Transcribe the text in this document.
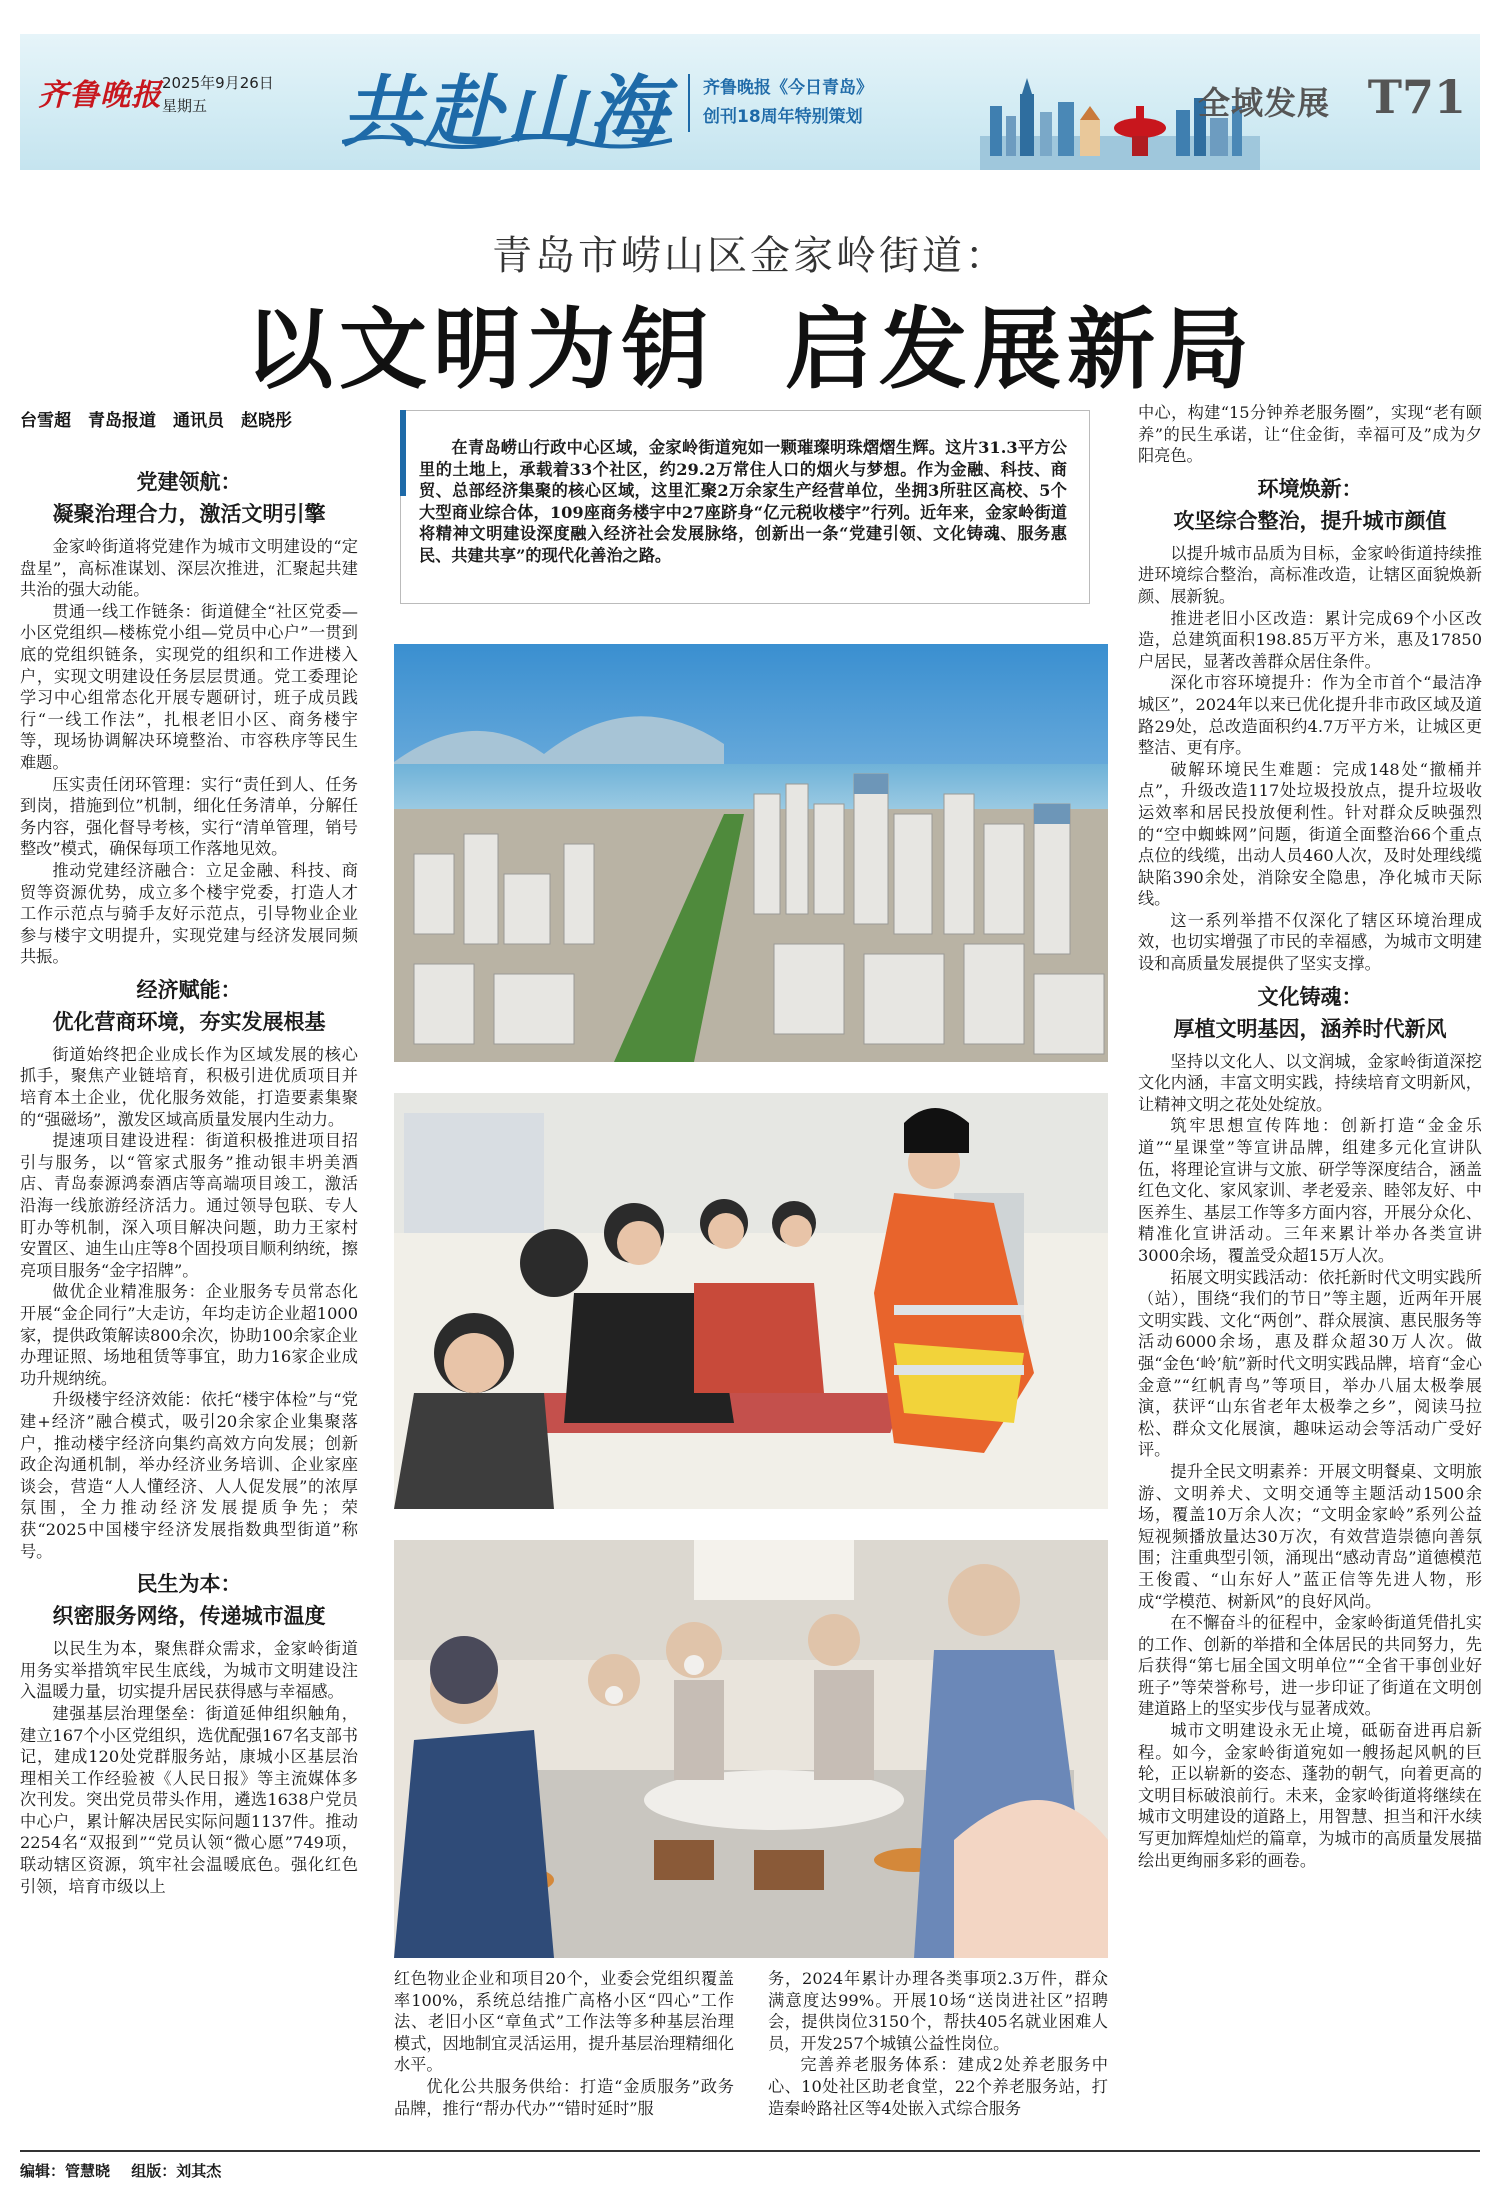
齐鲁晚报 2025年9月26日
星期五	共赴山海 齐鲁晚报《今日青岛》
创刊18周年特别策划	全域发展 T71
青岛市崂山区金家岭街道：
以文明为钥 启发展新局
台雪超　青岛报道　通讯员　赵晓彤
党建领航：
凝聚治理合力，激活文明引擎

金家岭街道将党建作为城市文明建设的“定盘星”，高标准谋划、深层次推进，汇聚起共建共治的强大动能。

贯通一线工作链条：街道健全“社区党委—小区党组织—楼栋党小组—党员中心户”一贯到底的党组织链条，实现党的组织和工作进楼入户，实现文明建设任务层层贯通。党工委理论学习中心组常态化开展专题研讨，班子成员践行“一线工作法”，扎根老旧小区、商务楼宇等，现场协调解决环境整治、市容秩序等民生难题。

压实责任闭环管理：实行“责任到人、任务到岗，措施到位”机制，细化任务清单，分解任务内容，强化督导考核，实行“清单管理，销号整改”模式，确保每项工作落地见效。

推动党建经济融合：立足金融、科技、商贸等资源优势，成立多个楼宇党委，打造人才工作示范点与骑手友好示范点，引导物业企业参与楼宇文明提升，实现党建与经济发展同频共振。

经济赋能：
优化营商环境，夯实发展根基

街道始终把企业成长作为区域发展的核心抓手，聚焦产业链培育，积极引进优质项目并培育本土企业，优化服务效能，打造要素集聚的“强磁场”，激发区域高质量发展内生动力。

提速项目建设进程：街道积极推进项目招引与服务，以“管家式服务”推动银丰坍美酒店、青岛泰源鸿泰酒店等高端项目竣工，激活沿海一线旅游经济活力。通过领导包联、专人盯办等机制，深入项目解决问题，助力王家村安置区、迪生山庄等8个固投项目顺利纳统，擦亮项目服务“金字招牌”。

做优企业精准服务：企业服务专员常态化开展“金企同行”大走访，年均走访企业超1000家，提供政策解读800余次，协助100余家企业办理证照、场地租赁等事宜，助力16家企业成功升规纳统。

升级楼宇经济效能：依托“楼宇体检”与“党建+经济”融合模式，吸引20余家企业集聚落户，推动楼宇经济向集约高效方向发展；创新政企沟通机制，举办经济业务培训、企业家座谈会，营造“人人懂经济、人人促发展”的浓厚氛围，全力推动经济发展提质争先；荣获“2025中国楼宇经济发展指数典型街道”称号。

民生为本：
织密服务网络，传递城市温度

以民生为本，聚焦群众需求，金家岭街道用务实举措筑牢民生底线，为城市文明建设注入温暖力量，切实提升居民获得感与幸福感。

建强基层治理堡垒：街道延伸组织触角，建立167个小区党组织，选优配强167名支部书记，建成120处党群服务站，康城小区基层治理相关工作经验被《人民日报》等主流媒体多次刊发。突出党员带头作用，遴选1638户党员中心户，累计解决居民实际问题1137件。推动2254名“双报到”“党员认领“微心愿”749项，联动辖区资源，筑牢社会温暖底色。强化红色引领，培育市级以上

在青岛崂山行政中心区域，金家岭街道宛如一颗璀璨明珠熠熠生辉。这片31.3平方公里的土地上，承载着33个社区，约29.2万常住人口的烟火与梦想。作为金融、科技、商贸、总部经济集聚的核心区域，这里汇聚2万余家生产经营单位，坐拥3所驻区高校、5个大型商业综合体，109座商务楼宇中27座跻身“亿元税收楼宇”行列。近年来，金家岭街道将精神文明建设深度融入经济社会发展脉络，创新出一条“党建引领、文化铸魂、服务惠民、共建共享”的现代化善治之路。

红色物业企业和项目20个，业委会党组织覆盖率100%，系统总结推广高格小区“四心”工作法、老旧小区“章鱼式”工作法等多种基层治理模式，因地制宜灵活运用，提升基层治理精细化水平。

优化公共服务供给：打造“金质服务”政务品牌，推行“帮办代办”“错时延时”服

务，2024年累计办理各类事项2.3万件，群众满意度达99%。开展10场“送岗进社区”招聘会，提供岗位3150个，帮扶405名就业困难人员，开发257个城镇公益性岗位。

完善养老服务体系：建成2处养老服务中心、10处社区助老食堂，22个养老服务站，打造秦岭路社区等4处嵌入式综合服务

中心，构建“15分钟养老服务圈”，实现“老有颐养”的民生承诺，让“住金街，幸福可及”成为夕阳亮色。

环境焕新：
攻坚综合整治，提升城市颜值

以提升城市品质为目标，金家岭街道持续推进环境综合整治，高标准改造，让辖区面貌焕新颜、展新貌。

推进老旧小区改造：累计完成69个小区改造，总建筑面积198.85万平方米，惠及17850户居民，显著改善群众居住条件。

深化市容环境提升：作为全市首个“最洁净城区”，2024年以来已优化提升非市政区域及道路29处，总改造面积约4.7万平方米，让城区更整洁、更有序。

破解环境民生难题：完成148处“撤桶并点”，升级改造117处垃圾投放点，提升垃圾收运效率和居民投放便利性。针对群众反映强烈的“空中蜘蛛网”问题，街道全面整治66个重点点位的线缆，出动人员460人次，及时处理线缆缺陷390余处，消除安全隐患，净化城市天际线。

这一系列举措不仅深化了辖区环境治理成效，也切实增强了市民的幸福感，为城市文明建设和高质量发展提供了坚实支撑。

文化铸魂：
厚植文明基因，涵养时代新风

坚持以文化人、以文润城，金家岭街道深挖文化内涵，丰富文明实践，持续培育文明新风，让精神文明之花处处绽放。

筑牢思想宣传阵地：创新打造“金金乐道”“星课堂”等宣讲品牌，组建多元化宣讲队伍，将理论宣讲与文旅、研学等深度结合，涵盖红色文化、家风家训、孝老爱亲、睦邻友好、中医养生、基层工作等多方面内容，开展分众化、精准化宣讲活动。三年来累计举办各类宣讲3000余场，覆盖受众超15万人次。

拓展文明实践活动：依托新时代文明实践所（站），围绕“我们的节日”等主题，近两年开展文明实践、文化“两创”、群众展演、惠民服务等活动6000余场，惠及群众超30万人次。做强“金色‘岭’航”新时代文明实践品牌，培育“金心金意”“红帆青鸟”等项目，举办八届太极拳展演，获评“山东省老年太极拳之乡”，阅读马拉松、群众文化展演，趣味运动会等活动广受好评。

提升全民文明素养：开展文明餐桌、文明旅游、文明养犬、文明交通等主题活动1500余场，覆盖10万余人次；“文明金家岭”系列公益短视频播放量达30万次，有效营造崇德向善氛围；注重典型引领，涌现出“感动青岛”道德模范王俊霞、“山东好人”蓝正信等先进人物，形成“学模范、树新风”的良好风尚。

在不懈奋斗的征程中，金家岭街道凭借扎实的工作、创新的举措和全体居民的共同努力，先后获得“第七届全国文明单位”“全省干事创业好班子”等荣誉称号，进一步印证了街道在文明创建道路上的坚实步伐与显著成效。

城市文明建设永无止境，砥砺奋进再启新程。如今，金家岭街道宛如一艘扬起风帆的巨轮，正以崭新的姿态、蓬勃的朝气，向着更高的文明目标破浪前行。未来，金家岭街道将继续在城市文明建设的道路上，用智慧、担当和汗水续写更加辉煌灿烂的篇章，为城市的高质量发展描绘出更绚丽多彩的画卷。

编辑：管慧晓 组版：刘其杰
